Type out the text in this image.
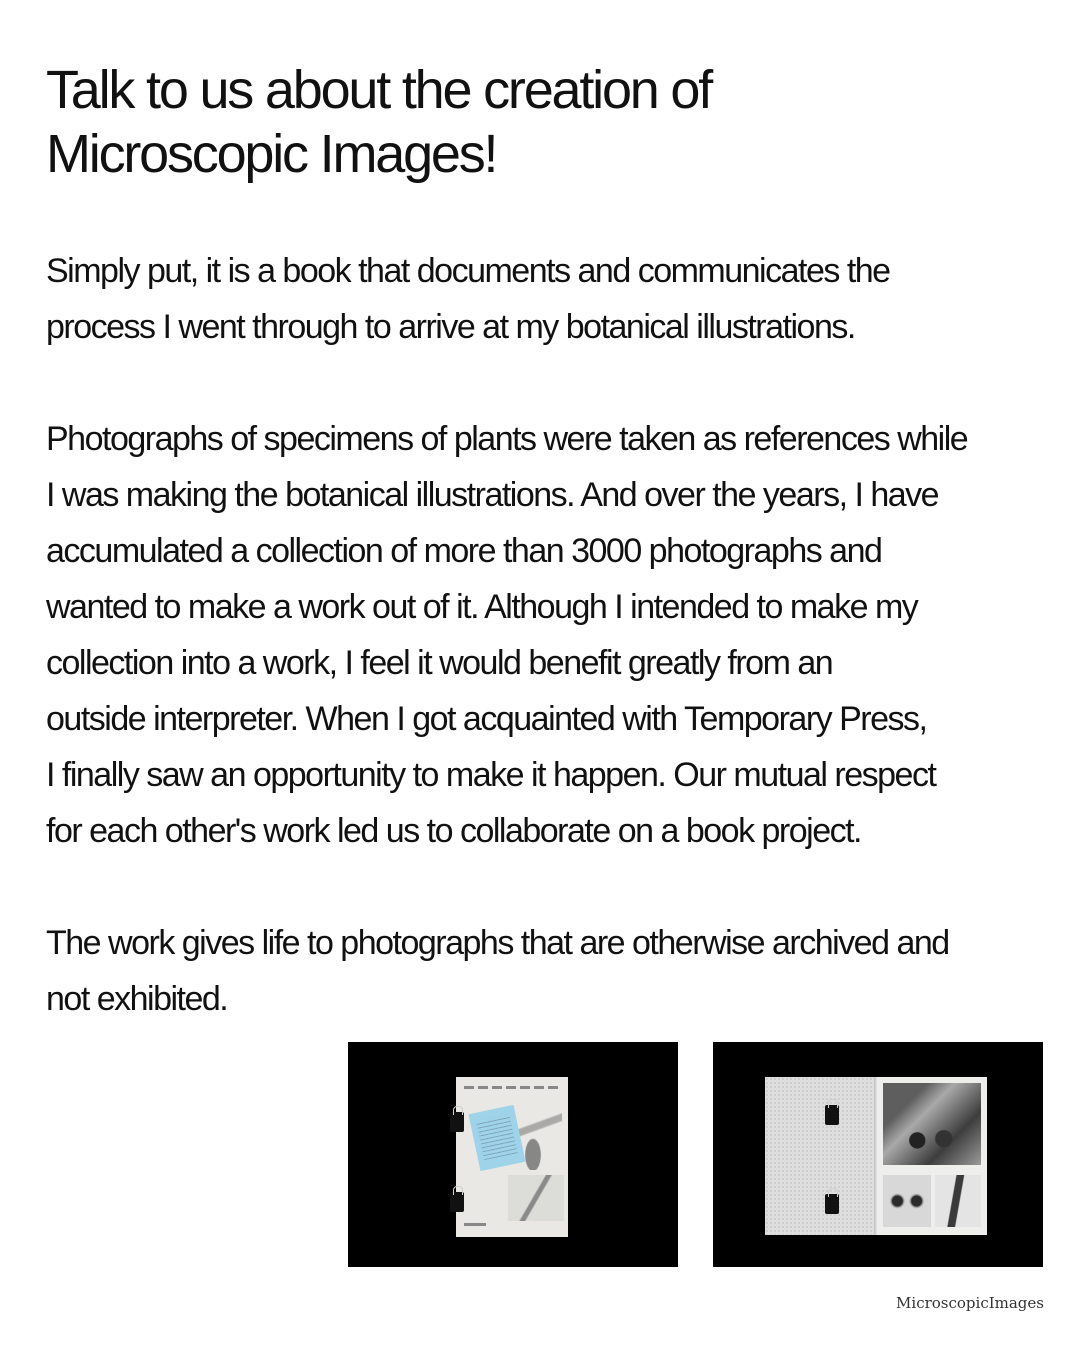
Talk to us about the creation of
Microscopic Images!

Simply put, it is a book that documents and communicates the
process I went through to arrive at my botanical illustrations.

Photographs of specimens of plants were taken as references while
I was making the botanical illustrations. And over the years, I have
accumulated a collection of more than 3000 photographs and
wanted to make a work out of it. Although I intended to make my
collection into a work, I feel it would benefit greatly from an
outside interpreter. When I got acquainted with Temporary Press,
I finally saw an opportunity to make it happen. Our mutual respect
for each other's work led us to collaborate on a book project.

The work gives life to photographs that are otherwise archived and
not exhibited.

MicroscopicImages
